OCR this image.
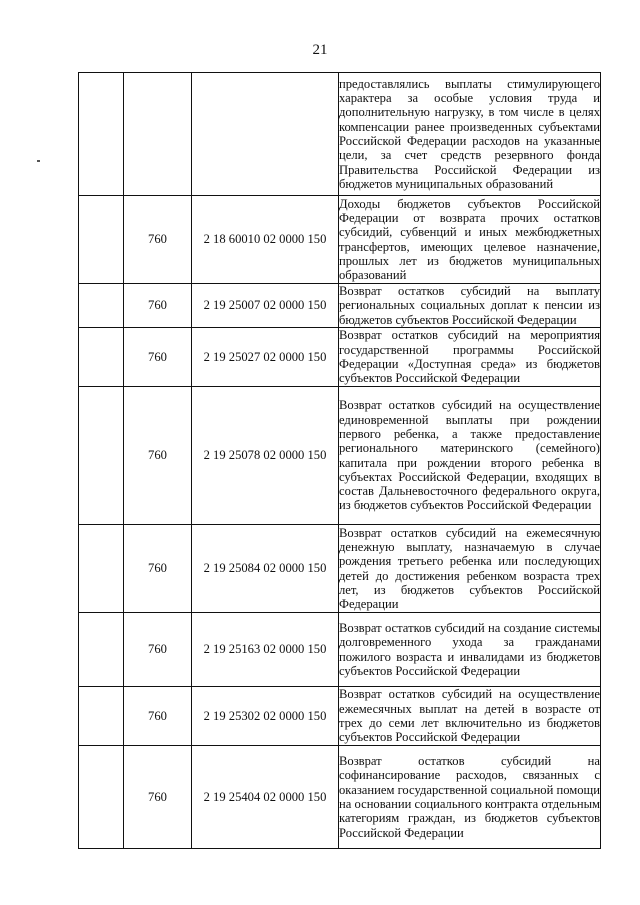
21
			предоставлялись выплаты стимулирующего характера за особые условия труда и дополнительную нагрузку, в том числе в целях компенсации ранее произведенных субъектами Российской Федерации расходов на указанные цели, за счет средств резервного фонда Правительства Российской Федерации из бюджетов муниципальных образований
	760	2 18 60010 02 0000 150	Доходы бюджетов субъектов Российской Федерации от возврата прочих остатков субсидий, субвенций и иных межбюджетных трансфертов, имеющих целевое назначение, прошлых лет из бюджетов муниципальных образований
	760	2 19 25007 02 0000 150	Возврат остатков субсидий на выплату региональных социальных доплат к пенсии из бюджетов субъектов Российской Федерации
	760	2 19 25027 02 0000 150	Возврат остатков субсидий на мероприятия государственной программы Российской Федерации «Доступная среда» из бюджетов субъектов Российской Федерации
	760	2 19 25078 02 0000 150	Возврат остатков субсидий на осуществление единовременной выплаты при рождении первого ребенка, а также предоставление регионального материнского (семейного) капитала при рождении второго ребенка в субъектах Российской Федерации, входящих в состав Дальневосточного федерального округа, из бюджетов субъектов Российской Федерации
	760	2 19 25084 02 0000 150	Возврат остатков субсидий на ежемесячную денежную выплату, назначаемую в случае рождения третьего ребенка или последующих детей до достижения ребенком возраста трех лет, из бюджетов субъектов Российской Федерации
	760	2 19 25163 02 0000 150	Возврат остатков субсидий на создание системы долговременного ухода за гражданами пожилого возраста и инвалидами из бюджетов субъектов Российской Федерации
	760	2 19 25302 02 0000 150	Возврат остатков субсидий на осуществление ежемесячных выплат на детей в возрасте от трех до семи лет включительно из бюджетов субъектов Российской Федерации
	760	2 19 25404 02 0000 150	Возврат остатков субсидий на софинансирование расходов, связанных с оказанием государственной социальной помощи на основании социального контракта отдельным категориям граждан, из бюджетов субъектов Российской Федерации
